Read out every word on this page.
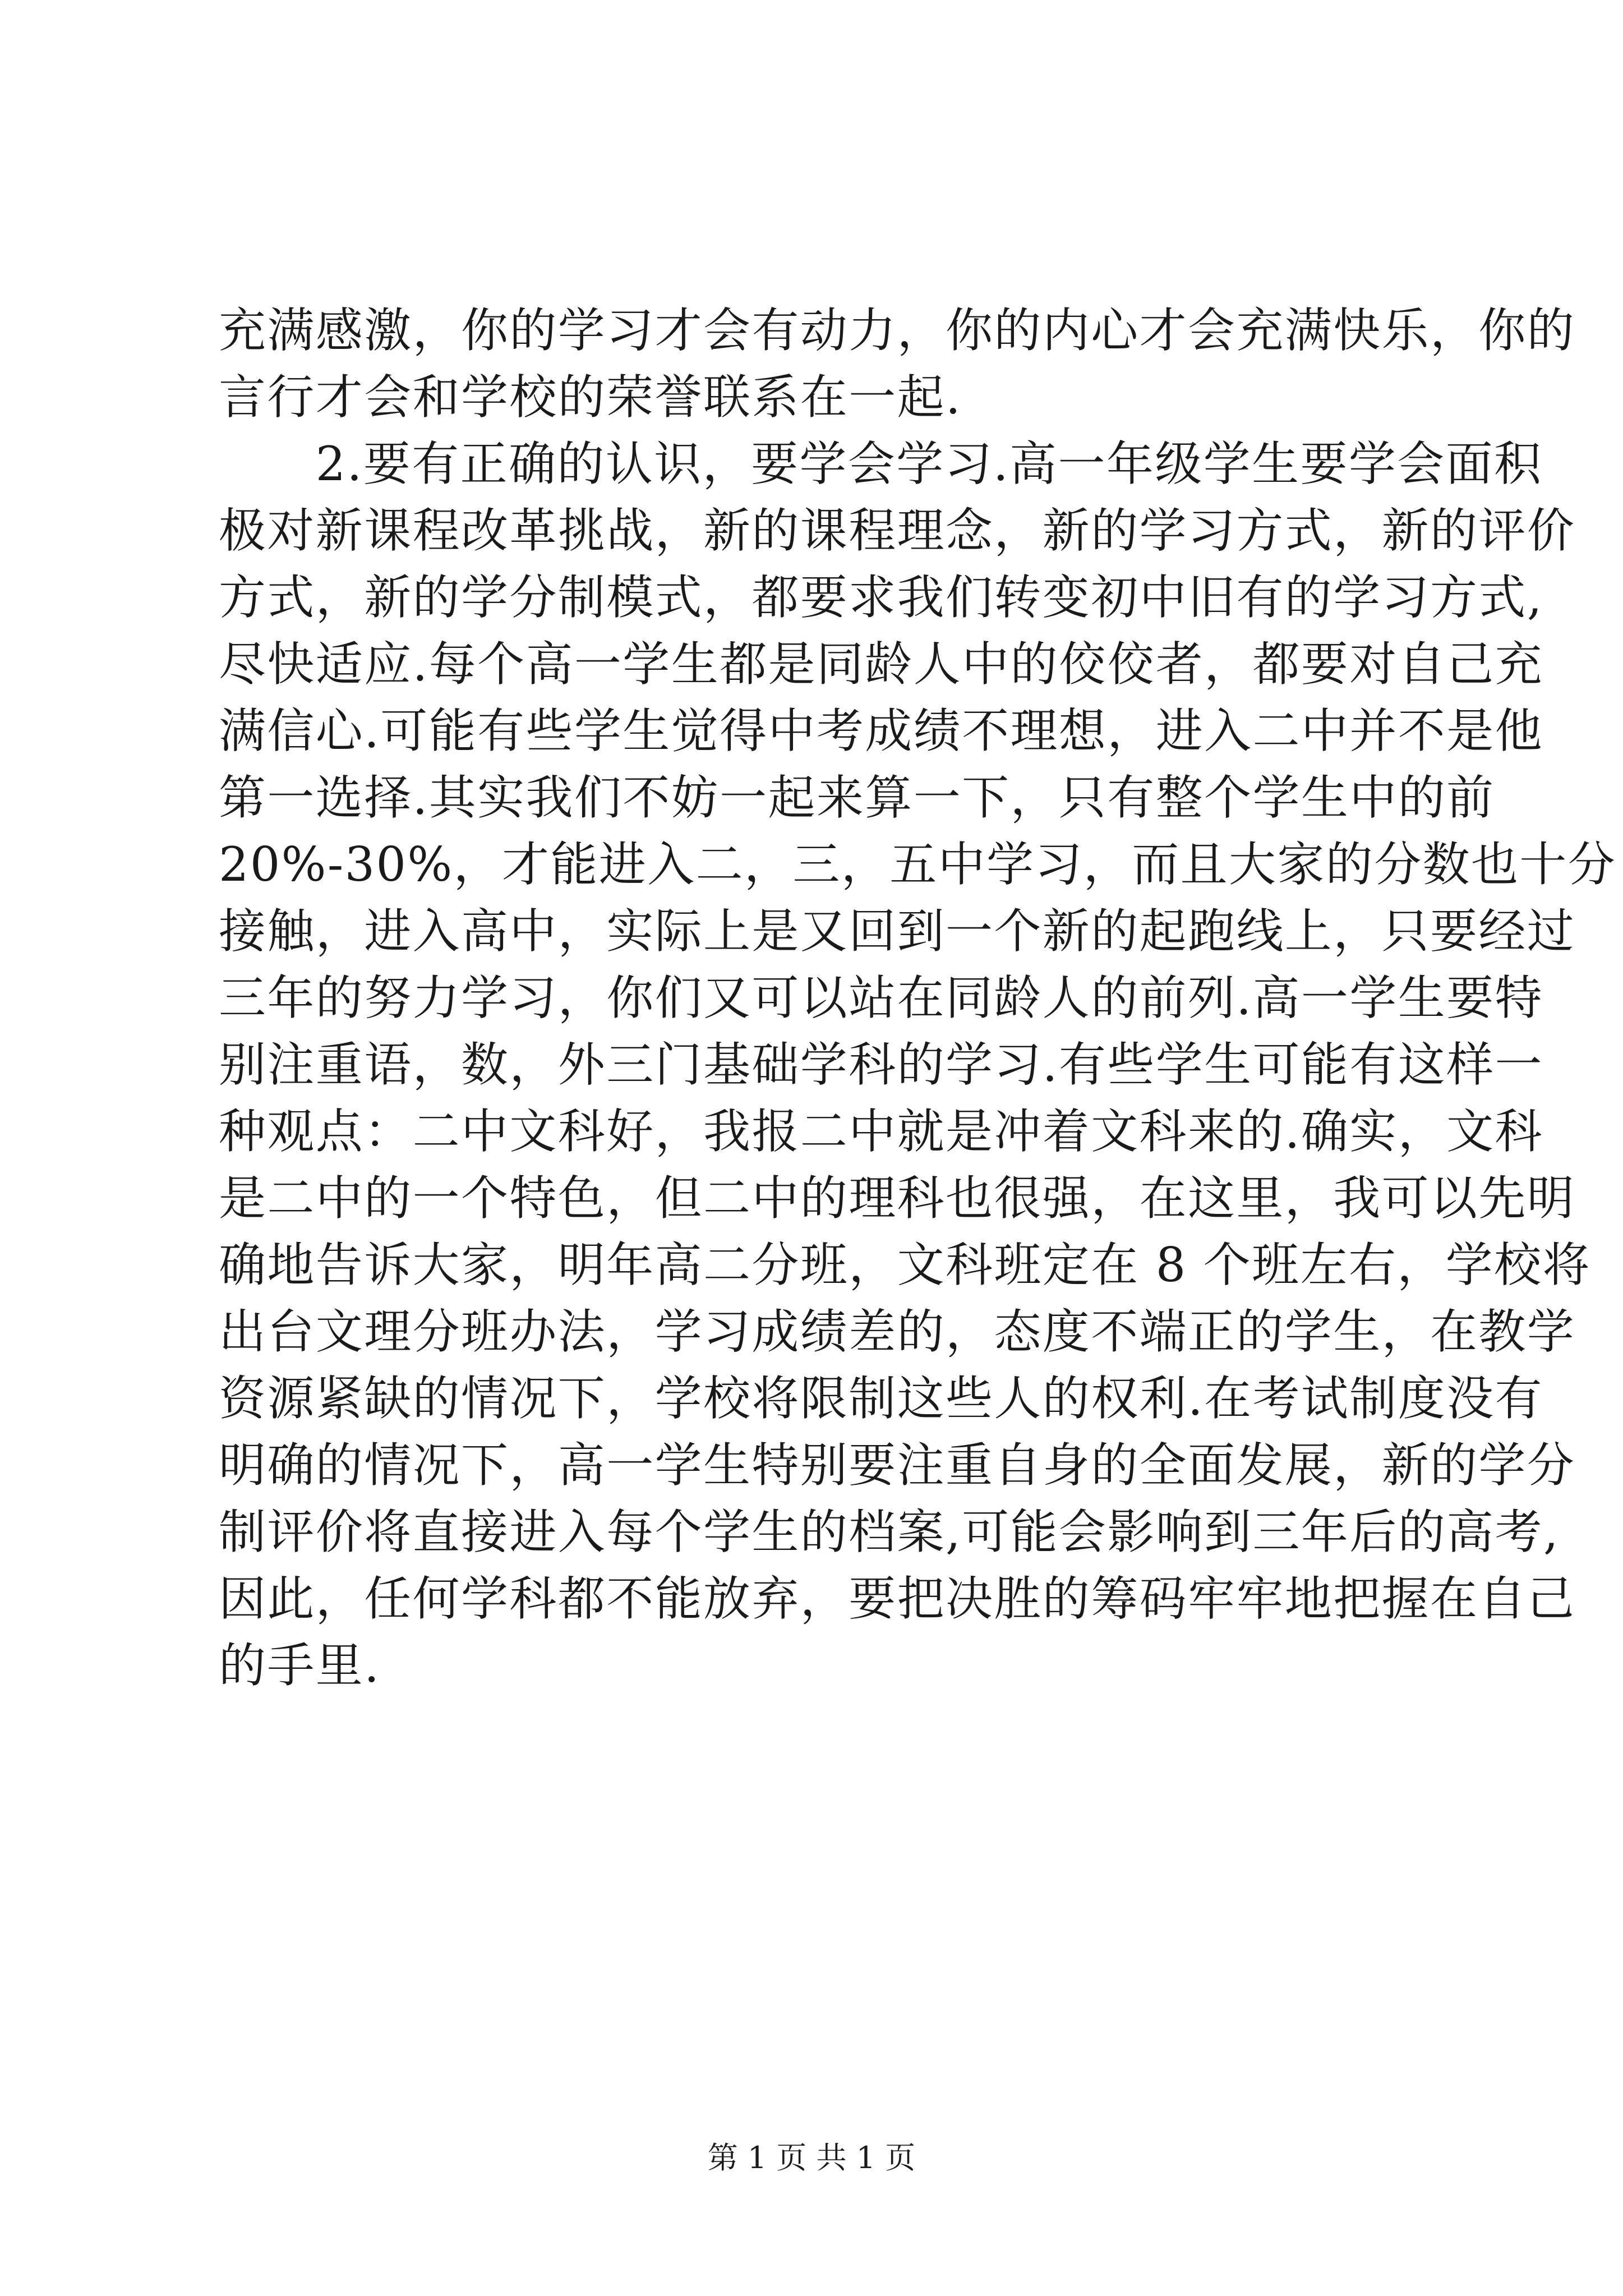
充满感激，你的学习才会有动力，你的内心才会充满快乐，你的
言行才会和学校的荣誉联系在一起.
　　2.要有正确的认识，要学会学习.高一年级学生要学会面积
极对新课程改革挑战，新的课程理念，新的学习方式，新的评价
方式，新的学分制模式，都要求我们转变初中旧有的学习方式,
尽快适应.每个高一学生都是同龄人中的佼佼者，都要对自己充
满信心.可能有些学生觉得中考成绩不理想，进入二中并不是他
第一选择.其实我们不妨一起来算一下，只有整个学生中的前
20%-30%，才能进入二，三，五中学习，而且大家的分数也十分
接触，进入高中，实际上是又回到一个新的起跑线上，只要经过
三年的努力学习，你们又可以站在同龄人的前列.高一学生要特
别注重语，数，外三门基础学科的学习.有些学生可能有这样一
种观点：二中文科好，我报二中就是冲着文科来的.确实，文科
是二中的一个特色，但二中的理科也很强，在这里，我可以先明
确地告诉大家，明年高二分班，文科班定在 8 个班左右，学校将
出台文理分班办法，学习成绩差的，态度不端正的学生，在教学
资源紧缺的情况下，学校将限制这些人的权利.在考试制度没有
明确的情况下，高一学生特别要注重自身的全面发展，新的学分
制评价将直接进入每个学生的档案,可能会影响到三年后的高考,
因此，任何学科都不能放弃，要把决胜的筹码牢牢地把握在自己
的手里.
第 1 页 共 1 页
